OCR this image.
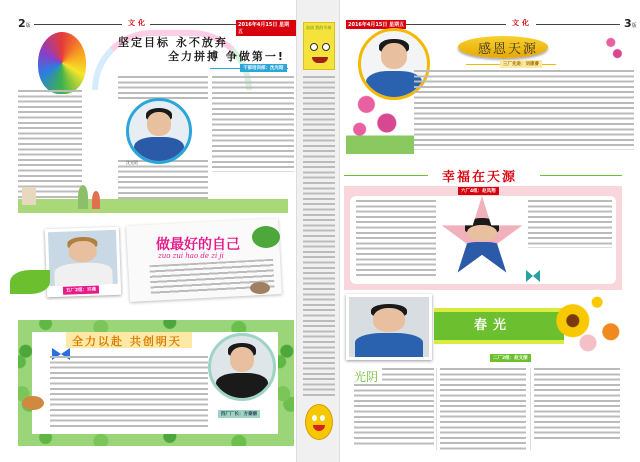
2版	文化	2016年4月15日 星期五
坚定目标 永不放弃
全力拼搏 争做第一!
干部培训部：沈光昭
沈光昭
五厂2组：许燕
做最好的自己
zuo zui hao de zi ji
全力以赴 共创明天
四厂厂长：方泰丽
加油 我的节奏	2016年4月15日 星期五	文化	3版
感恩天源
三厂先进：刘康睿
幸福在天源
六厂4组：赵凤翔
春光
二厂2组：赵文丽
光阴
